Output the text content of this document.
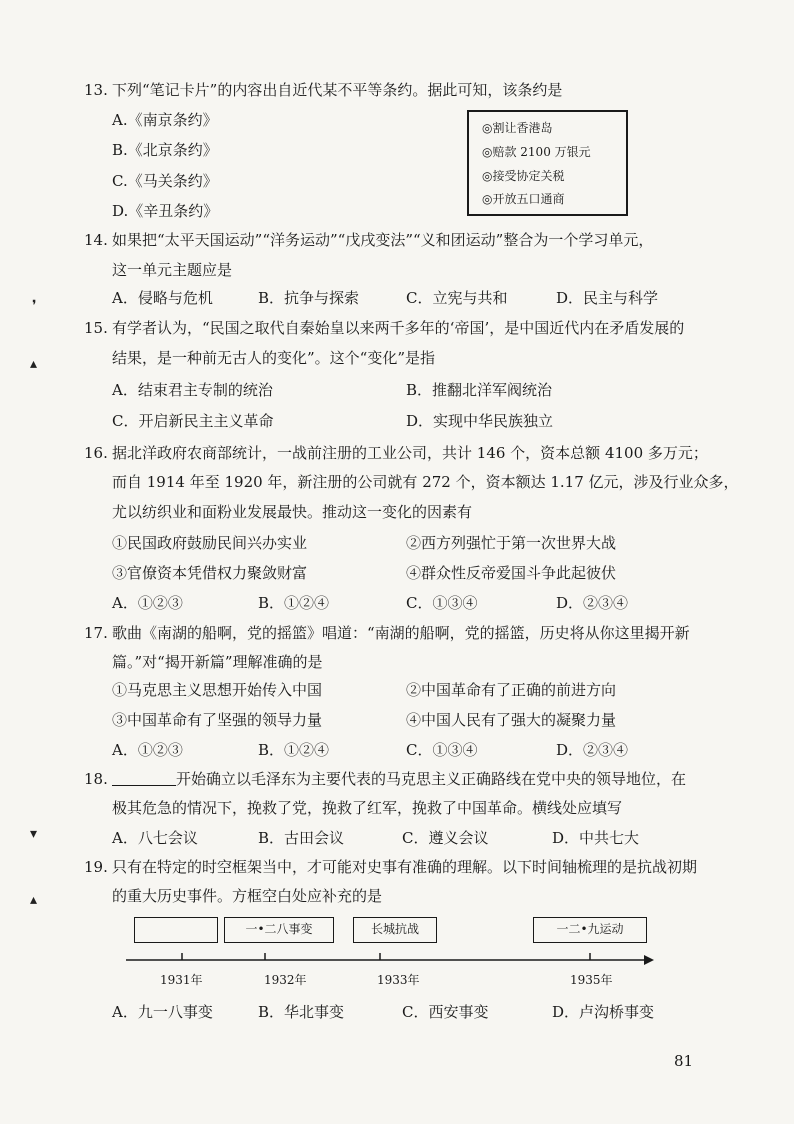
13. 下列“笔记卡片”的内容出自近代某不平等条约。据此可知，该条约是
A.《南京条约》
B.《北京条约》
C.《马关条约》
D.《辛丑条约》
◎割让香港岛
◎赔款 2100 万银元
◎接受协定关税
◎开放五口通商
14. 如果把“太平天国运动”“洋务运动”“戊戌变法”“义和团运动”整合为一个学习单元，
这一单元主题应是
A．侵略与危机	B．抗争与探索	C．立宪与共和	D．民主与科学
15. 有学者认为，“民国之取代自秦始皇以来两千多年的‘帝国’，是中国近代内在矛盾发展的
结果，是一种前无古人的变化”。这个“变化”是指
A．结束君主专制的统治	B．推翻北洋军阀统治
C．开启新民主主义革命	D．实现中华民族独立
16. 据北洋政府农商部统计，一战前注册的工业公司，共计 146 个，资本总额 4100 多万元；
而自 1914 年至 1920 年，新注册的公司就有 272 个，资本额达 1.17 亿元，涉及行业众多，
尤以纺织业和面粉业发展最快。推动这一变化的因素有
①民国政府鼓励民间兴办实业	②西方列强忙于第一次世界大战
③官僚资本凭借权力聚敛财富	④群众性反帝爱国斗争此起彼伏
A．①②③	B．①②④	C．①③④	D．②③④
17. 歌曲《南湖的船啊，党的摇篮》唱道：“南湖的船啊，党的摇篮，历史将从你这里揭开新
篇。”对“揭开新篇”理解准确的是
①马克思主义思想开始传入中国	②中国革命有了正确的前进方向
③中国革命有了坚强的领导力量	④中国人民有了强大的凝聚力量
A．①②③	B．①②④	C．①③④	D．②③④
18.	开始确立以毛泽东为主要代表的马克思主义正确路线在党中央的领导地位，在
极其危急的情况下，挽救了党，挽救了红军，挽救了中国革命。横线处应填写
A．八七会议	B．古田会议	C．遵义会议	D．中共七大
19. 只有在特定的时空框架当中，才可能对史事有准确的理解。以下时间轴梳理的是抗战初期
的重大历史事件。方框空白处应补充的是
一•二八事变	长城抗战	一二•九运动
1931年	1932年	1933年	1935年
A．九一八事变	B．华北事变	C．西安事变	D．卢沟桥事变
81
❜
▴
▾
▴
